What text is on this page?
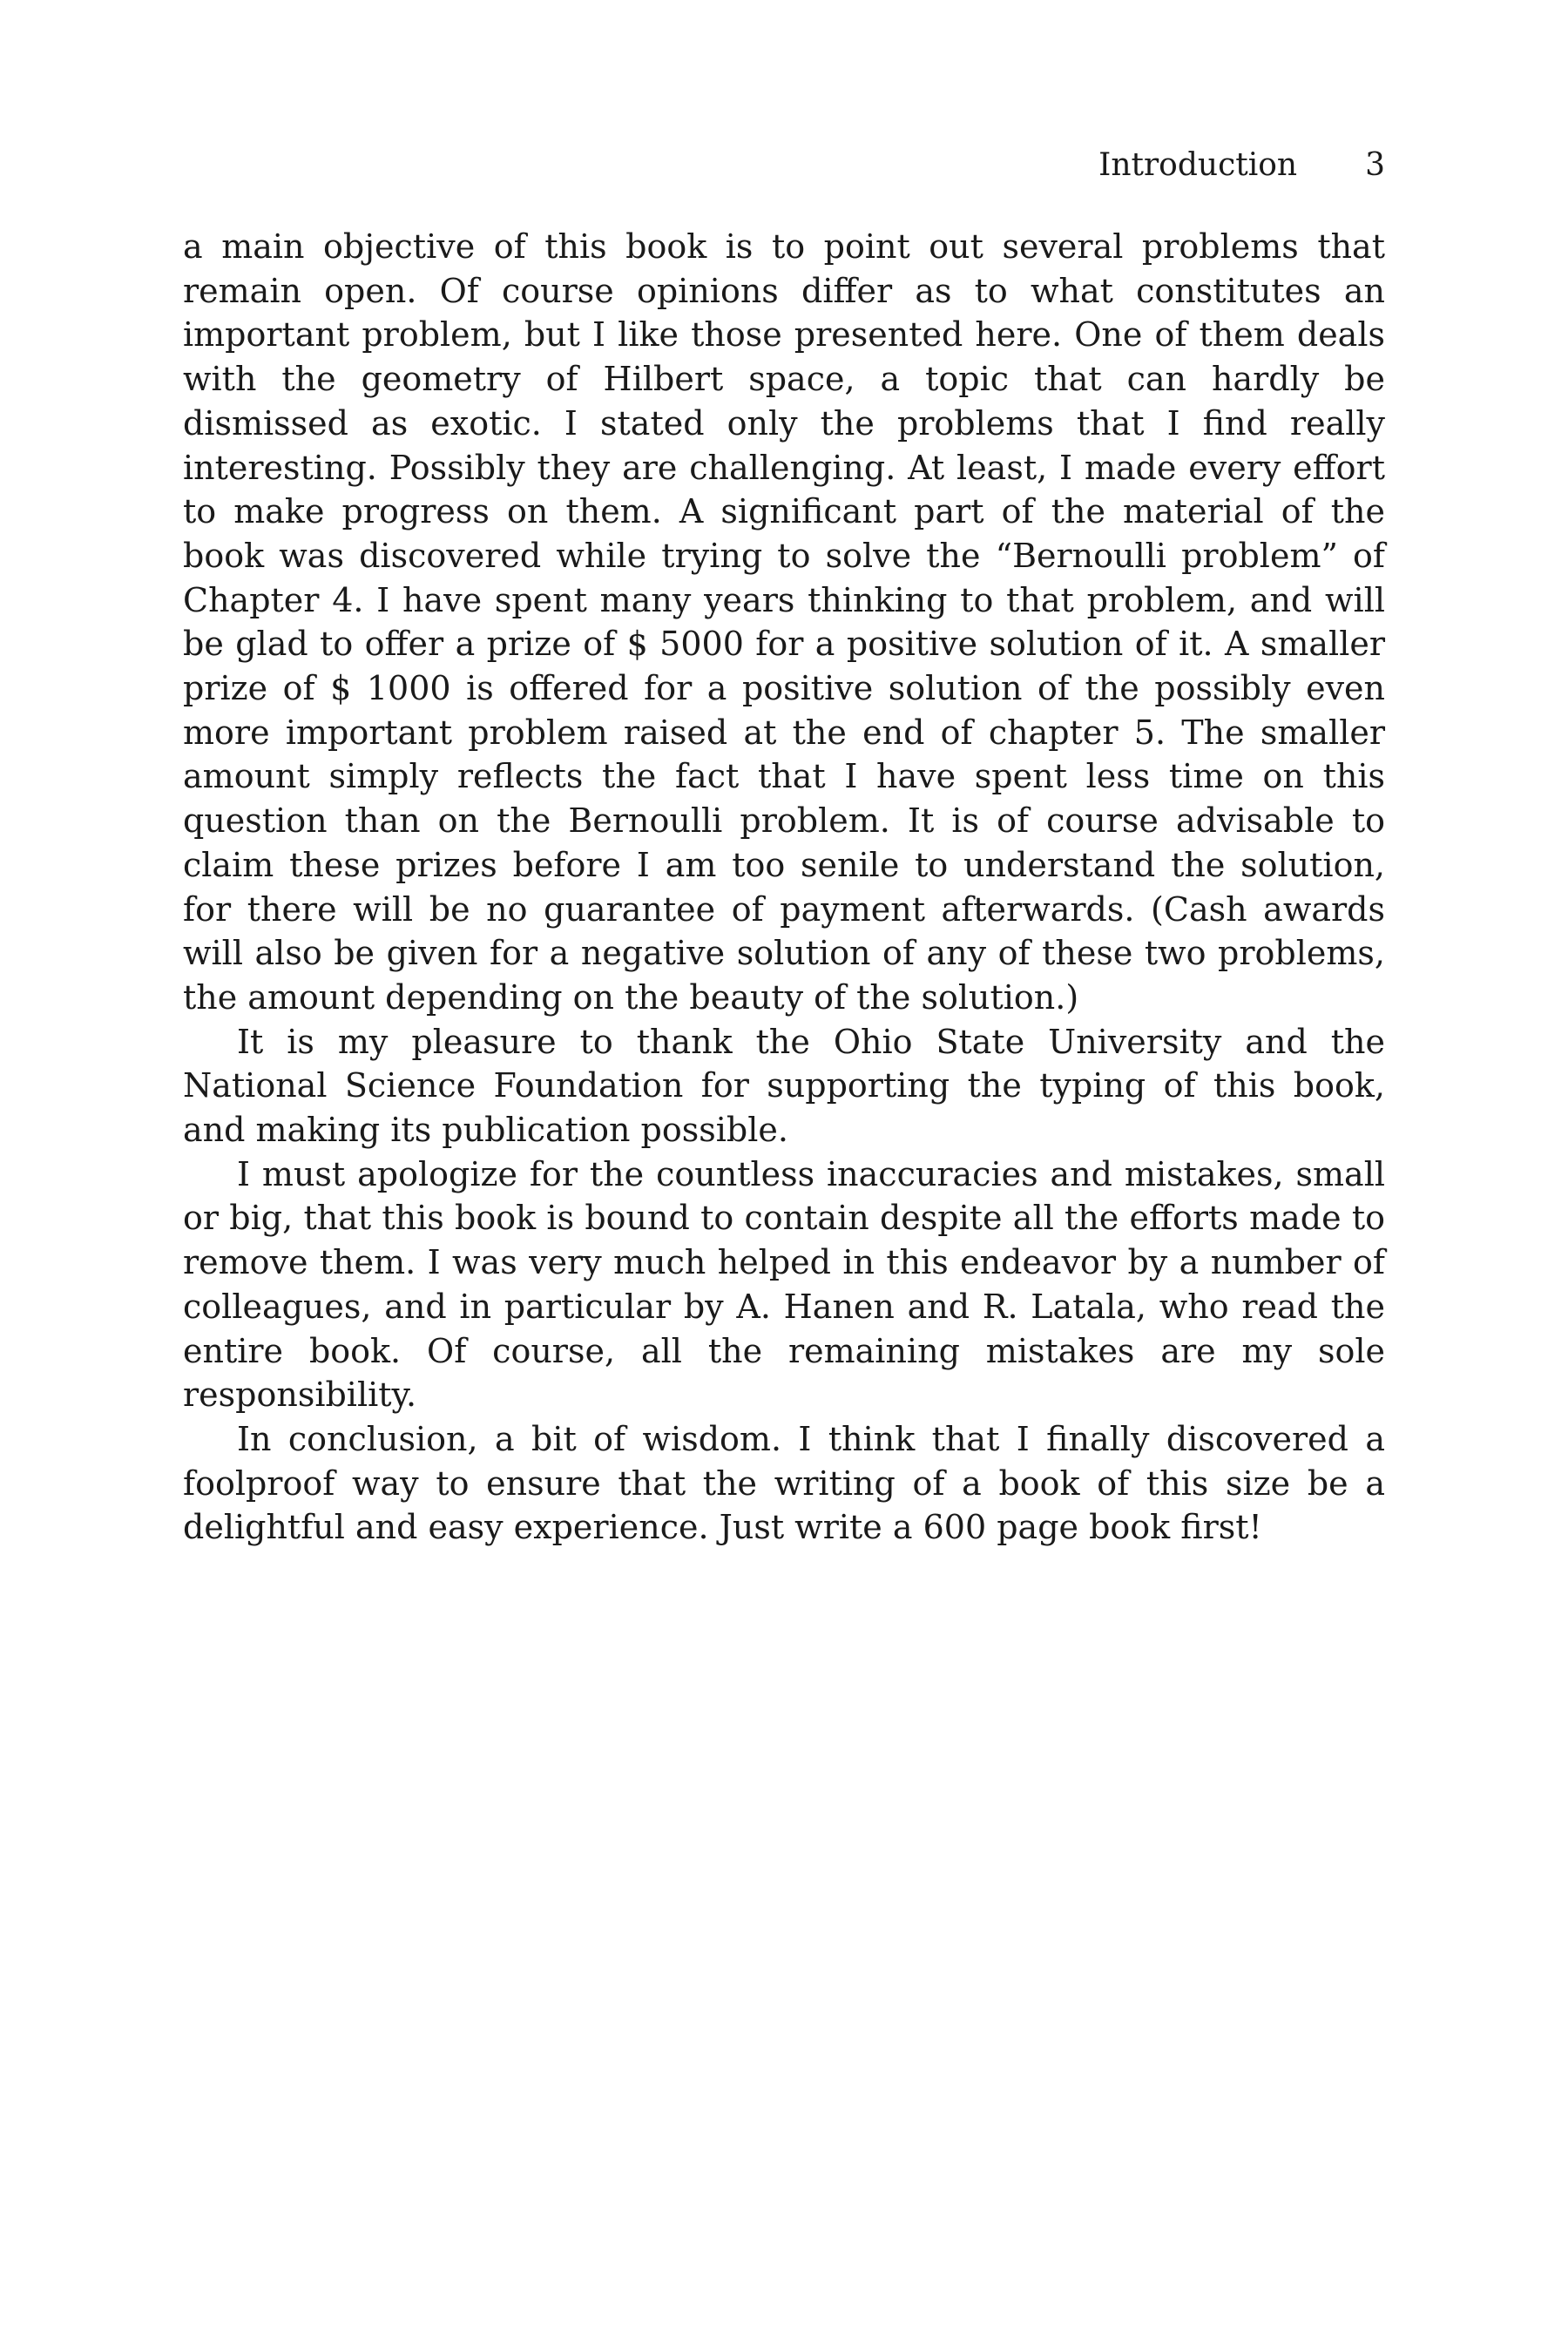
Introduction 3

a main objective of this book is to point out several problems that remain open. Of course opinions differ as to what constitutes an important problem, but I like those presented here. One of them deals with the geometry of Hilbert space, a topic that can hardly be dismissed as exotic. I stated only the problems that I find really interesting. Possibly they are challenging. At least, I made every effort to make progress on them. A significant part of the material of the book was discovered while trying to solve the “Bernoulli problem” of Chapter 4. I have spent many years thinking to that problem, and will be glad to offer a prize of $ 5000 for a positive solution of it. A smaller prize of $ 1000 is offered for a positive solution of the possibly even more important problem raised at the end of chapter 5. The smaller amount simply reflects the fact that I have spent less time on this question than on the Bernoulli problem. It is of course advisable to claim these prizes before I am too senile to understand the solution, for there will be no guarantee of payment afterwards. (Cash awards will also be given for a negative solution of any of these two problems, the amount depending on the beauty of the solution.)

It is my pleasure to thank the Ohio State University and the National Science Foundation for supporting the typing of this book, and making its publication possible.

I must apologize for the countless inaccuracies and mistakes, small or big, that this book is bound to contain despite all the efforts made to remove them. I was very much helped in this endeavor by a number of colleagues, and in particular by A. Hanen and R. Latala, who read the entire book. Of course, all the remaining mistakes are my sole responsibility.

In conclusion, a bit of wisdom. I think that I finally discovered a foolproof way to ensure that the writing of a book of this size be a delightful and easy experience. Just write a 600 page book first!
